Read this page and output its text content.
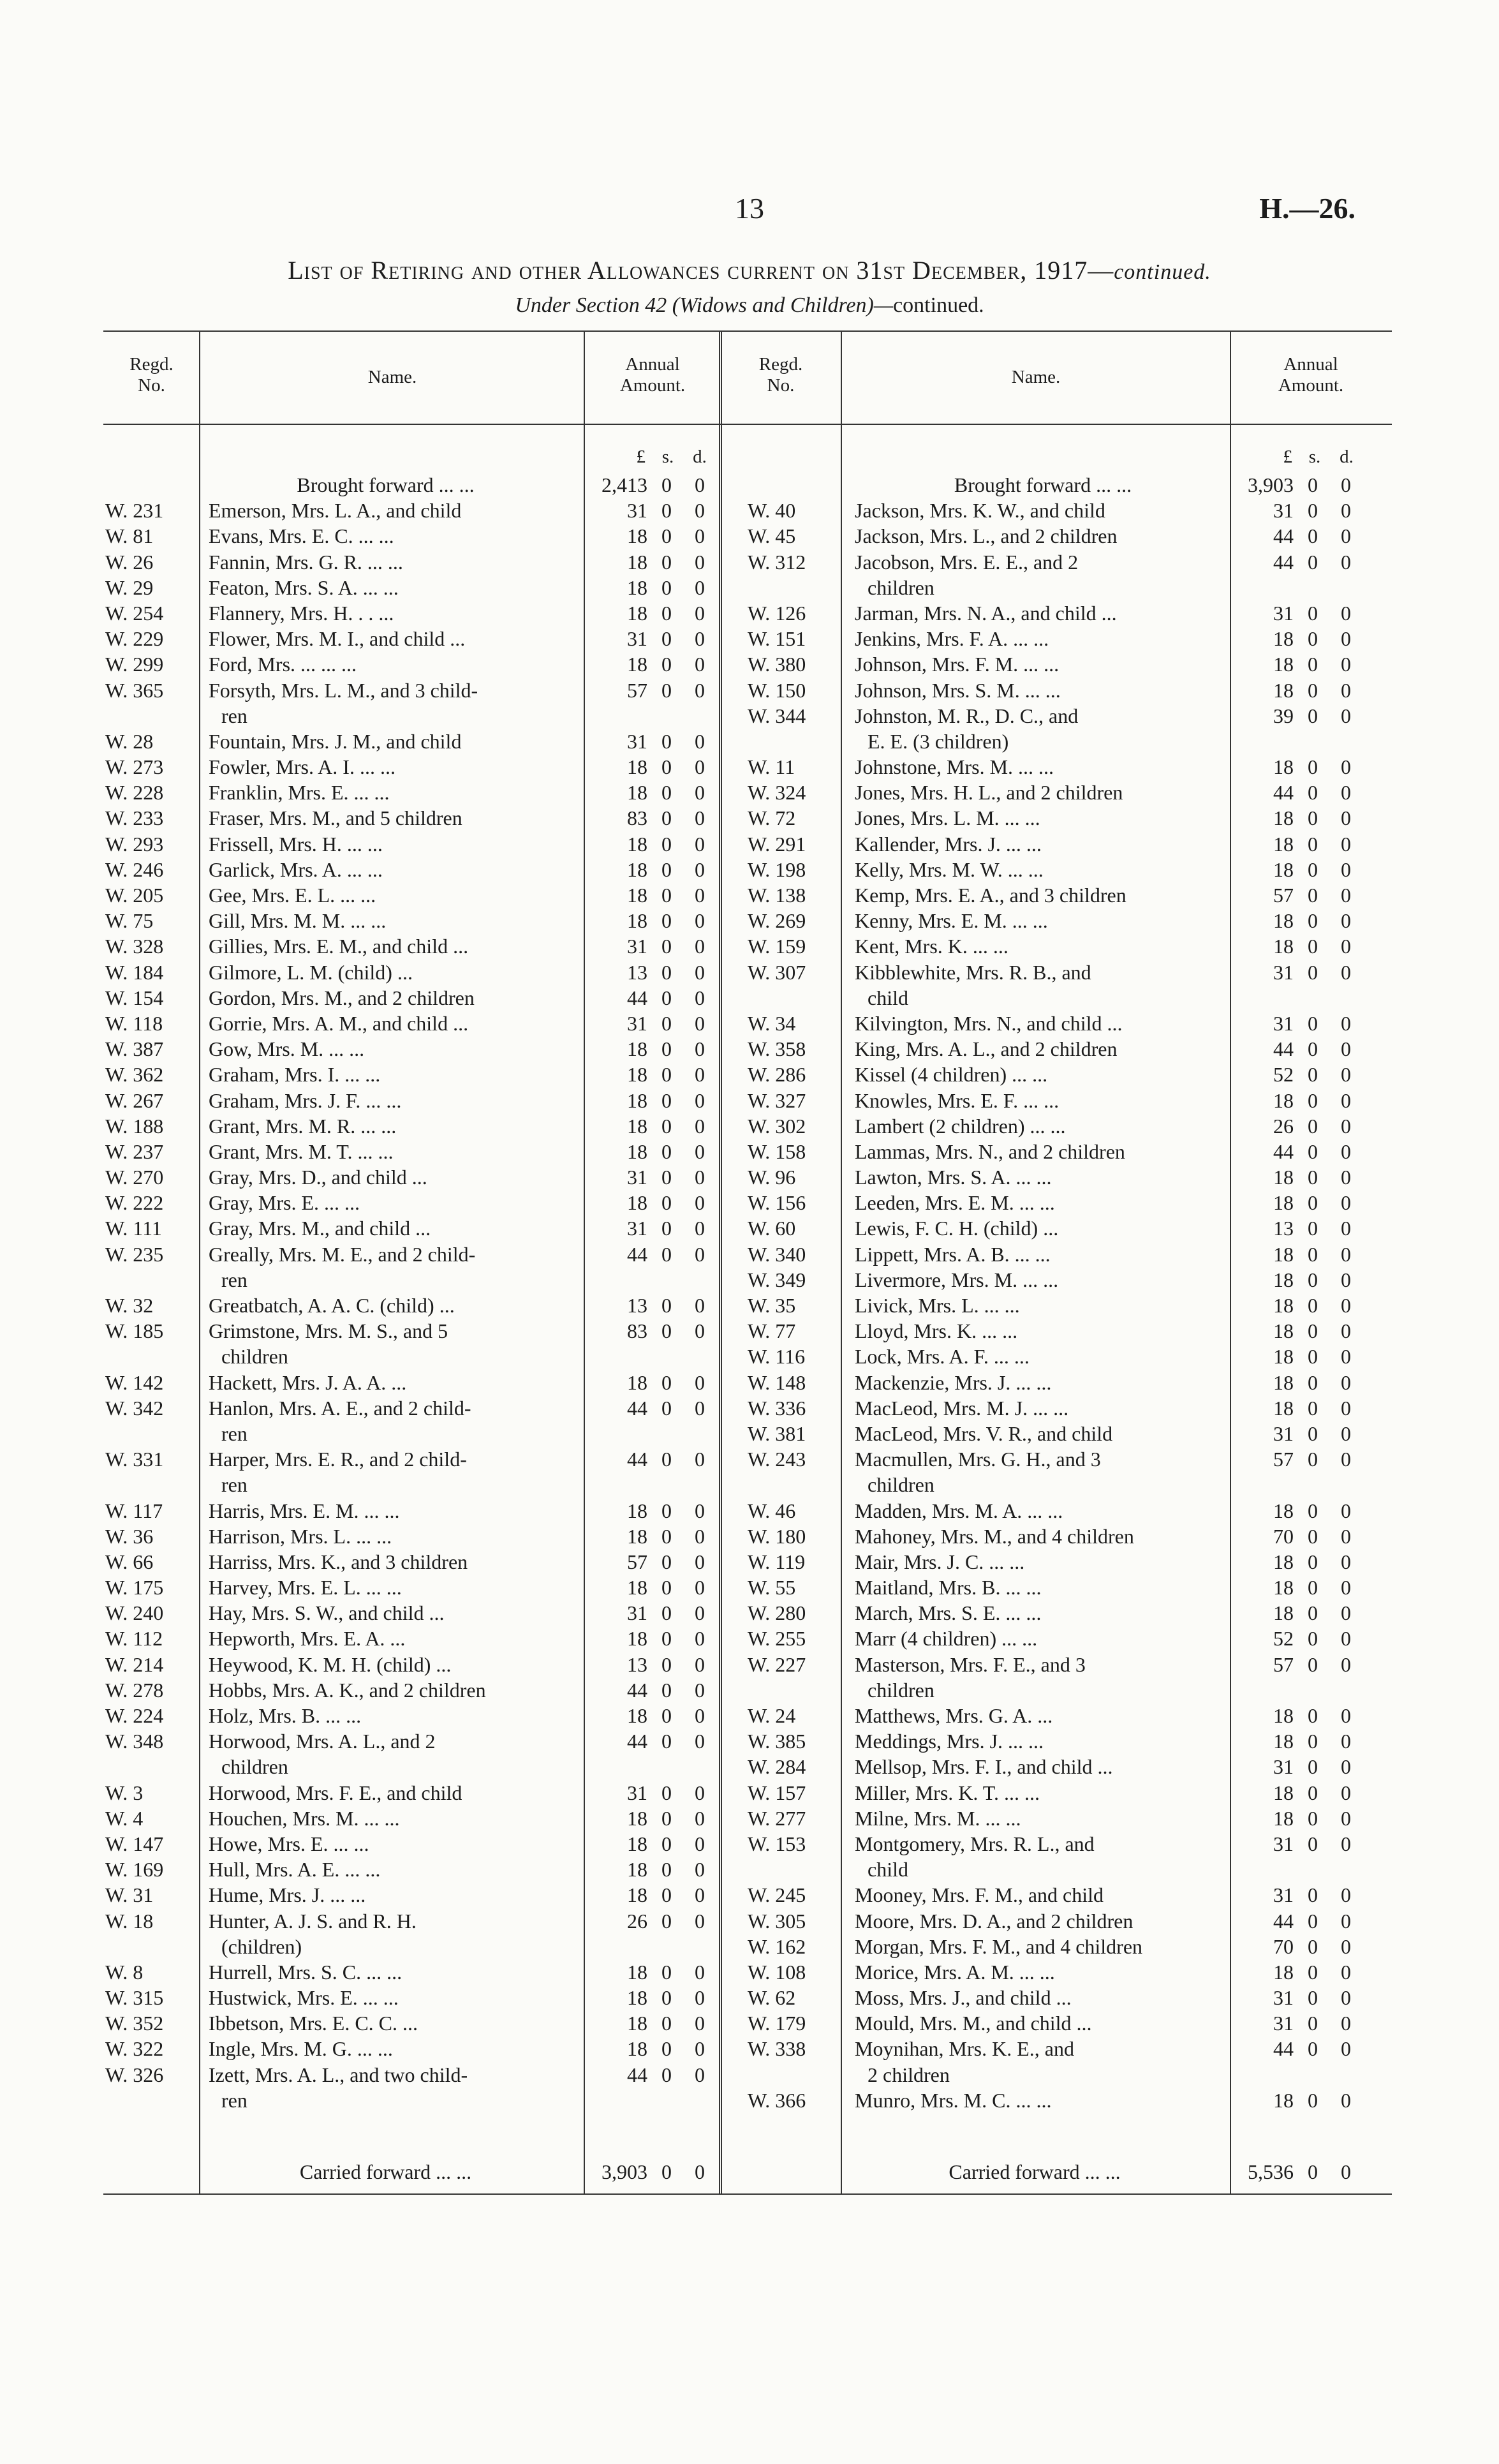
13	H.—26.
List of Retiring and other Allowances current on 31st December, 1917—continued.
Under Section 42 (Widows and Children)—continued.
Regd.
No.	Name.
Annual
Amount.
Regd.
No.	Name.
Annual
Amount.
£ s.	d.	£ s.	d.
Brought forward ... ...	2,413 0	0
W. 231	Emerson, Mrs. L. A., and child	31 0	0
W. 81	Evans, Mrs. E. C. ... ...	18 0	0
W. 26	Fannin, Mrs. G. R. ... ...	18 0	0
W. 29	Featon, Mrs. S. A. ... ...	18 0	0
W. 254	Flannery, Mrs. H. . . ...	18 0	0
W. 229	Flower, Mrs. M. I., and child ...	31 0	0
W. 299	Ford, Mrs. ... ... ...	18 0	0
W. 365	Forsyth, Mrs. L. M., and 3 child-	57 0	0
ren
W. 28	Fountain, Mrs. J. M., and child	31 0	0
W. 273	Fowler, Mrs. A. I. ... ...	18 0	0
W. 228	Franklin, Mrs. E. ... ...	18 0	0
W. 233	Fraser, Mrs. M., and 5 children	83 0	0
W. 293	Frissell, Mrs. H. ... ...	18 0	0
W. 246	Garlick, Mrs. A. ... ...	18 0	0
W. 205	Gee, Mrs. E. L. ... ...	18 0	0
W. 75	Gill, Mrs. M. M. ... ...	18 0	0
W. 328	Gillies, Mrs. E. M., and child ...	31 0	0
W. 184	Gilmore, L. M. (child) ...	13 0	0
W. 154	Gordon, Mrs. M., and 2 children	44 0	0
W. 118	Gorrie, Mrs. A. M., and child ...	31 0	0
W. 387	Gow, Mrs. M. ... ...	18 0	0
W. 362	Graham, Mrs. I. ... ...	18 0	0
W. 267	Graham, Mrs. J. F. ... ...	18 0	0
W. 188	Grant, Mrs. M. R. ... ...	18 0	0
W. 237	Grant, Mrs. M. T. ... ...	18 0	0
W. 270	Gray, Mrs. D., and child ...	31 0	0
W. 222	Gray, Mrs. E. ... ...	18 0	0
W. 111	Gray, Mrs. M., and child ...	31 0	0
W. 235	Greally, Mrs. M. E., and 2 child-	44 0	0
ren
W. 32	Greatbatch, A. A. C. (child) ...	13 0	0
W. 185	Grimstone, Mrs. M. S., and 5	83 0	0
children
W. 142	Hackett, Mrs. J. A. A. ...	18 0	0
W. 342	Hanlon, Mrs. A. E., and 2 child-	44 0	0
ren
W. 331	Harper, Mrs. E. R., and 2 child-	44 0	0
ren
W. 117	Harris, Mrs. E. M. ... ...	18 0	0
W. 36	Harrison, Mrs. L. ... ...	18 0	0
W. 66	Harriss, Mrs. K., and 3 children	57 0	0
W. 175	Harvey, Mrs. E. L. ... ...	18 0	0
W. 240	Hay, Mrs. S. W., and child ...	31 0	0
W. 112	Hepworth, Mrs. E. A. ...	18 0	0
W. 214	Heywood, K. M. H. (child) ...	13 0	0
W. 278	Hobbs, Mrs. A. K., and 2 children	44 0	0
W. 224	Holz, Mrs. B. ... ...	18 0	0
W. 348	Horwood, Mrs. A. L., and 2	44 0	0
children
W. 3	Horwood, Mrs. F. E., and child	31 0	0
W. 4	Houchen, Mrs. M. ... ...	18 0	0
W. 147	Howe, Mrs. E. ... ...	18 0	0
W. 169	Hull, Mrs. A. E. ... ...	18 0	0
W. 31	Hume, Mrs. J. ... ...	18 0	0
W. 18	Hunter, A. J. S. and R. H.	26 0	0
(children)
W. 8	Hurrell, Mrs. S. C. ... ...	18 0	0
W. 315	Hustwick, Mrs. E. ... ...	18 0	0
W. 352	Ibbetson, Mrs. E. C. C. ...	18 0	0
W. 322	Ingle, Mrs. M. G. ... ...	18 0	0
W. 326	Izett, Mrs. A. L., and two child-	44 0	0
ren
Brought forward ... ...	3,903 0	0
W. 40	Jackson, Mrs. K. W., and child	31 0	0
W. 45	Jackson, Mrs. L., and 2 children	44 0	0
W. 312	Jacobson, Mrs. E. E., and 2	44 0	0
children
W. 126	Jarman, Mrs. N. A., and child ...	31 0	0
W. 151	Jenkins, Mrs. F. A. ... ...	18 0	0
W. 380	Johnson, Mrs. F. M. ... ...	18 0	0
W. 150	Johnson, Mrs. S. M. ... ...	18 0	0
W. 344	Johnston, M. R., D. C., and	39 0	0
E. E. (3 children)
W. 11	Johnstone, Mrs. M. ... ...	18 0	0
W. 324	Jones, Mrs. H. L., and 2 children	44 0	0
W. 72	Jones, Mrs. L. M. ... ...	18 0	0
W. 291	Kallender, Mrs. J. ... ...	18 0	0
W. 198	Kelly, Mrs. M. W. ... ...	18 0	0
W. 138	Kemp, Mrs. E. A., and 3 children	57 0	0
W. 269	Kenny, Mrs. E. M. ... ...	18 0	0
W. 159	Kent, Mrs. K. ... ...	18 0	0
W. 307	Kibblewhite, Mrs. R. B., and	31 0	0
child
W. 34	Kilvington, Mrs. N., and child ...	31 0	0
W. 358	King, Mrs. A. L., and 2 children	44 0	0
W. 286	Kissel (4 children) ... ...	52 0	0
W. 327	Knowles, Mrs. E. F. ... ...	18 0	0
W. 302	Lambert (2 children) ... ...	26 0	0
W. 158	Lammas, Mrs. N., and 2 children	44 0	0
W. 96	Lawton, Mrs. S. A. ... ...	18 0	0
W. 156	Leeden, Mrs. E. M. ... ...	18 0	0
W. 60	Lewis, F. C. H. (child) ...	13 0	0
W. 340	Lippett, Mrs. A. B. ... ...	18 0	0
W. 349	Livermore, Mrs. M. ... ...	18 0	0
W. 35	Livick, Mrs. L. ... ...	18 0	0
W. 77	Lloyd, Mrs. K. ... ...	18 0	0
W. 116	Lock, Mrs. A. F. ... ...	18 0	0
W. 148	Mackenzie, Mrs. J. ... ...	18 0	0
W. 336	MacLeod, Mrs. M. J. ... ...	18 0	0
W. 381	MacLeod, Mrs. V. R., and child	31 0	0
W. 243	Macmullen, Mrs. G. H., and 3	57 0	0
children
W. 46	Madden, Mrs. M. A. ... ...	18 0	0
W. 180	Mahoney, Mrs. M., and 4 children	70 0	0
W. 119	Mair, Mrs. J. C. ... ...	18 0	0
W. 55	Maitland, Mrs. B. ... ...	18 0	0
W. 280	March, Mrs. S. E. ... ...	18 0	0
W. 255	Marr (4 children) ... ...	52 0	0
W. 227	Masterson, Mrs. F. E., and 3	57 0	0
children
W. 24	Matthews, Mrs. G. A. ...	18 0	0
W. 385	Meddings, Mrs. J. ... ...	18 0	0
W. 284	Mellsop, Mrs. F. I., and child ...	31 0	0
W. 157	Miller, Mrs. K. T. ... ...	18 0	0
W. 277	Milne, Mrs. M. ... ...	18 0	0
W. 153	Montgomery, Mrs. R. L., and	31 0	0
child
W. 245	Mooney, Mrs. F. M., and child	31 0	0
W. 305	Moore, Mrs. D. A., and 2 children	44 0	0
W. 162	Morgan, Mrs. F. M., and 4 children	70 0	0
W. 108	Morice, Mrs. A. M. ... ...	18 0	0
W. 62	Moss, Mrs. J., and child ...	31 0	0
W. 179	Mould, Mrs. M., and child ...	31 0	0
W. 338	Moynihan, Mrs. K. E., and	44 0	0
2 children
W. 366	Munro, Mrs. M. C. ... ...	18 0	0
Carried forward ... ...	3,903 0	0	Carried forward ... ...	5,536 0	0
